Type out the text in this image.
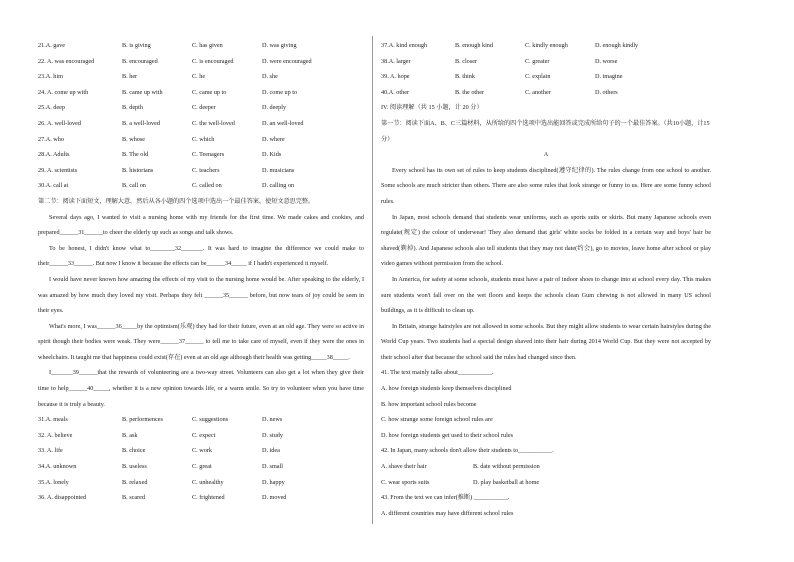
21.A. gave	B. is giving	C. has given	D. was giving
22. A. was encouraged	B. encouraged	C. is encouraged	D. were encouraged
23.A. him	B. her	C. he	D. she
24. A. come up with	B. came up with	C. came up to	D. come up to
25.A. deep	B. depth	C. deeper	D. deeply
26. A. well-loved	B. a well-loved	C. the well-loved	D. an well-loved
27.A. who	B. whose	C. which	D. where
28.A. Adults	B. The old	C. Teenagers	D. Kids
29. A. scientists	B. historians	C. teachers	D. musicians
30.A. call at	B. call on	C. called on	D. calling on

第二节：阅读下面短文，理解大意，然后从各小题的四个选项中选出一个最佳答案，使短文意思完整。

Several days ago, I wanted to visit a nursing home with my friends for the first time. We made cakes and cookies, and prepared______31______to cheer the elderly up such as songs and talk shows.

To be honest, I didn't know what to________32_______. It was hard to imagine the difference we could make to their______33______. But now I know it because the effects can be______34_____ if I hadn't experienced it myself.

I would have never known how amazing the effects of my visit to the nursing home would be. After speaking to the elderly, I was amazed by how much they loved my visit. Perhaps they felt ______35______ before, but now tears of joy could be seen in their eyes.

What's more, I was______36_____by the optimism(乐观) they had for their future, even at an old age. They were so active in spirit though their bodies were weak. They were______37______ to tell me to take care of myself, even if they were the ones in wheelchairs. It taught me that happiness could exist(存在) even at an old age although their health was getting_____38_____.

I_______39______that the rewards of volunteering are a two-way street. Volunteers can also get a lot when they give their time to help______40_____, whether it is a new opinion towards life, or a warm smile. So try to volunteer when you have time because it is truly a beauty.

31.A. meals	B. performences	C. suggestions	D. news
32. A. believe	B. ask	C. expect	D. study
33. A. life	B. choice	C. work	D. idea
34.A. unknown	B. useless	C. great	D. small
35.A. lonely	B. relaxed	C. unhealthy	D. happy
36. A. disappointed	B. scared	C. frightened	D. moved
37.A. kind enough	B. enough kind	C. kindly enough	D. enough kindly
38.A. larger	B. closer	C. greater	D. worse
39. A. hope	B. think	C. explain	D. imagine
40.A. other	B. the other	C. another	D. others

IV. 阅读理解（共 15 小题，计 20 分）

第一节：阅读下面A、B、C三篇材料，从所给的四个选项中选出能回答或完成所给句子的一个最佳答案。（共10小题，计15分）

A

Every school has its own set of rules to keep students disciplined(遵守纪律的). The rules change from one school to another. Some schools are much stricter than others. There are also some rules that look strange or funny to us. Here are some funny school rules.

In Japan, most schools demand that students wear uniforms, such as sports suits or skirts. But many Japanese schools even regulate(规定) the colour of underwear! They also demand that girls' white socks be folded in a certain way and boys' hair be shaved(剃掉). And Japanese schools also tell students that they may not date(约会), go to movies, leave home after school or play video games without permission from the school.

In America, for safety at some schools, students must have a pair of indoor shoes to change into at school every day. This makes sure students won't fall over on the wet floors and keeps the schools clean Gum chewing is not allowed in many US school buildings, as it is difficult to clean up.

In Britain, strange hairstyles are not allowed in some schools. But they might allow students to wear certain hairstyles during the World Cup years. Two students had a special design shaved into their hair during 2014 World Cup. But they were not accepted by their school after that because the school said the rules had changed since then.

41. The text mainly talks about___________.

A. how foreign students keep themselves disciplined

B. how important school rules become

C. how strange some foreign school rules are

D. how foreign students get used to their school rules

42. In Japan, many schools don't allow their students to___________.

A. shave their hair	B. date without permission
C. wear sports suits	D. play basketball at home

43. From the text we can infer(推断) ___________.

A. different countries may have different school rules
